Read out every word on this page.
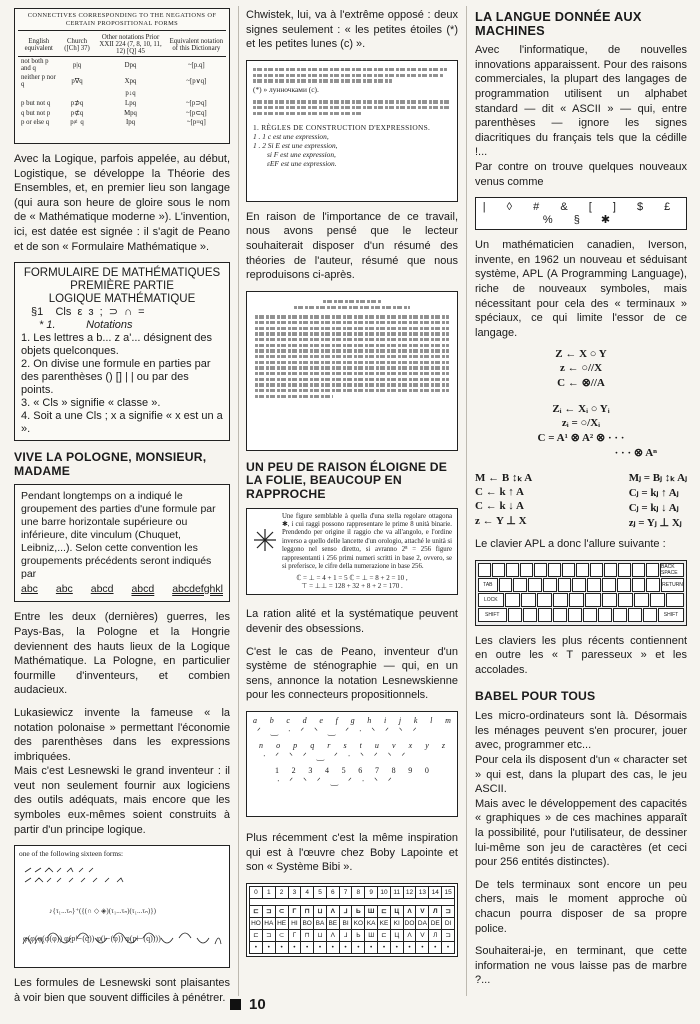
CONNECTIVES CORRESPONDING TO THE NEGATIONS OF CERTAIN PROPOSITIONAL FORMS
English equivalent	Church ([Ch] 37)	Other notations Prior XXII 224 (7, 8, 10, 11, 12) [Q] 45	Equivalent notation of this Dictionary
not both p and q	p|q	Dpq	~[p.q]
neither p nor q	p∇q	Xpq	~[p∨q]
		p↓q	
p but not q	p⊅q	Lpq	~[p⊃q]
q but not p	p⊄q	Mpq	~[p⊂q]
p or else q	p≢q	Ipq	~[p≡q]

Avec la Logique, parfois appelée, au début, Logistique, se développe la Théorie des Ensembles, et, en premier lieu son langage (qui aura son heure de gloire sous le nom de « Mathématique moderne »). L'invention, ici, est datée est signée : il s'agit de Peano et de son « Formulaire Mathématique ».

FORMULAIRE DE MATHÉMATIQUES

PREMIÈRE PARTIE

LOGIQUE MATHÉMATIQUE

§1    Cls  ε  ɜ  ;  ⊃  ∩  =

* 1.          Notations

1. Les lettres a b... z a'... désignent des objets quelconques.

2. On divise une formule en parties par des parenthèses () [] | | ou par des points.

3. « Cls » signifie « classe ».

4. Soit a une Cls ; x a signifie « x est un a ».

VIVE LA POLOGNE, MONSIEUR, MADAME
Pendant longtemps on a indiqué le groupement des parties d'une formule par une barre horizontale supérieure ou inférieure, dite vinculum (Chuquet, Leibniz,...). Selon cette convention les groupements précédents seront indiqués par
abc abc abcd abcd abcdefghkl

Entre les deux (dernières) guerres, les Pays-Bas, la Pologne et la Hongrie deviennent des hauts lieux de la Logique Mathématique. La Pologne, en particulier fourmille d'inventeurs, et combien audacieux.

Lukasiewicz invente la fameuse « la notation polonaise » permettant l'économie des parenthèses dans les expressions imbriquées.

Mais c'est Lesnewski le grand inventeur : il veut non seulement fournir aux logiciens des outils adéquats, mais encore que les symboles eux-mêmes soient construits à partir d'un principe logique.

one of the following sixteen forms:
♪{τ₁...τₙ}⁺({(∩ ◇ ◈)(τ₁...τₙ)(τ₁...τₙ)})
φ(φ(φ(φ(φ)) φ(p⊢(q)) φ(⊢(φ)) φ(p⊢(q))))

Les formules de Lesnewski sont plaisantes à voir bien que souvent difficiles à pénétrer.

Chwistek, lui, va à l'extrême opposé : deux signes seulement : « les petites étoiles (*) et les petites lunes (c) ».

(*) » лунночками (c).
1. RÈGLES DE CONSTRUCTION D'EXPRESSIONS.
1 . 1 c est une expression,
1 . 2 Si E est une expression,
si F est une expression,
εEF est une expression.

En raison de l'importance de ce travail, nous avons pensé que le lecteur souhaiterait disposer d'un résumé des théories de l'auteur, résumé que nous reproduisons ci-après.

UN PEU DE RAISON ÉLOIGNE DE LA FOLIE, BEAUCOUP EN RAPPROCHE
Une figure semblable à quella d'una stella regolare ottagona ✱, i cui raggi possono rappresentare le prime 8 unità binarie. Prendendo per origine il raggio che va all'angolo, e l'ordine inverso a quello delle lancette d'un orologio, attaché le unità si leggono nel senso diretto, si avranno 2⁸ = 256 figure rappresentanti i 256 primi numeri scritti in base 2, ovvero, se si preferisce, le cifre della numerazione in base 256.
ℂ = ⊥ = 4 + 1 = 5 ℂ = ⊥ = 8 + 2 = 10 ,
⊤ = ⊥⊥ = 128 + 32 + 8 + 2 = 170 .

La ration alité et la systématique peuvent devenir des obsessions.

C'est le cas de Peano, inventeur d'un système de sténographie — qui, en un sens, annonce la notation Lesnewskienne pour les connecteurs propositionnels.

a b c d e f g h i j k l m
ᐟ‿ᐧᐟᐠ‿ᐟᐧᐠᐟᐠᐟ
n o p q r s t u v x y z
ᐧᐟᐠᐟ‿ᐟᐧᐠᐟᐠᐟ
1 2 3 4 5 6 7 8 9 0
ᐧᐟᐠᐟ‿ᐟᐧᐠᐟ

Plus récemment c'est la même inspiration qui est à l'œuvre chez Boby Lapointe et son « Système Bibi ».

0	1	2	3	4	5	6	7	8	9	10	11	12	13	14	15

⊏	⊐	⊂	Γ	⊓	⊔	Λ	ᒧ	Ь	Ш	⊏	Ц	Λ	V	Л	⊐
HO	HA	HE	HI	BO	BA	BE	BI	KO	KA	KE	KI	DO	DA	DE	DI
⊏	⊐	⊂	Γ	⊓	⊔	Λ	ᒧ	Ь	Ш	⊏	Ц	Λ	V	Л	⊐
•	•	•	•	•	•	•	•	•	•	•	•	•	•	•	•
LA LANGUE DONNÉE AUX MACHINES

Avec l'informatique, de nouvelles innovations apparaissent. Pour des raisons commerciales, la plupart des langages de programmation utilisent un alphabet standard — dit « ASCII » — qui, entre parenthèses — ignore les signes diacritiques du français tels que la cédille !...

Par contre on trouve quelques nouveaux venus comme

| ◊ # & [ ] $ £ % § ✱

Un mathématicien canadien, Iverson, invente, en 1962 un nouveau et séduisant système, APL (A Programming Language), riche de nouveaux symboles, mais nécessitant pour cela des « terminaux » spéciaux, ce qui limite l'essor de ce langage.

Z ← X ○ Y
z ← ○//X
C ← ⊗//A
Zᵢ ← Xᵢ ○ Yᵢ
zᵢ = ○/Xᵢ
C = A¹ ⊗ A² ⊗ · · ·
· · · ⊗ Aⁿ
M ← B ↕ₖ A
C ← k ↑ A
C ← k ↓ A
z ← Y ⊥ X
Mⱼ = Bⱼ ↕ₖ Aⱼ
Cⱼ = kⱼ ↑ Aⱼ
Cⱼ = kⱼ ↓ Aⱼ
zⱼ = Yⱼ ⊥ Xⱼ

Le clavier APL a donc l'allure suivante :

BACK SPACE
TAB	RETURN
LOCK
SHIFT	SHIFT

Les claviers les plus récents contiennent en outre les « T paresseux » et les accolades.

BABEL POUR TOUS

Les micro-ordinateurs sont là. Désormais les ménages peuvent s'en procurer, jouer avec, programmer etc...

Pour cela ils disposent d'un « character set » qui est, dans la plupart des cas, le jeu ASCII.

Mais avec le développement des capacités « graphiques » de ces machines apparaît la possibilité, pour l'utilisateur, de dessiner lui-même son jeu de caractères (et ceci pour 256 entités distinctes).

De tels terminaux sont encore un peu chers, mais le moment approche où chacun pourra disposer de sa propre police.

Souhaiterai-je, en terminant, que cette information ne vous laisse pas de marbre ?...

10
